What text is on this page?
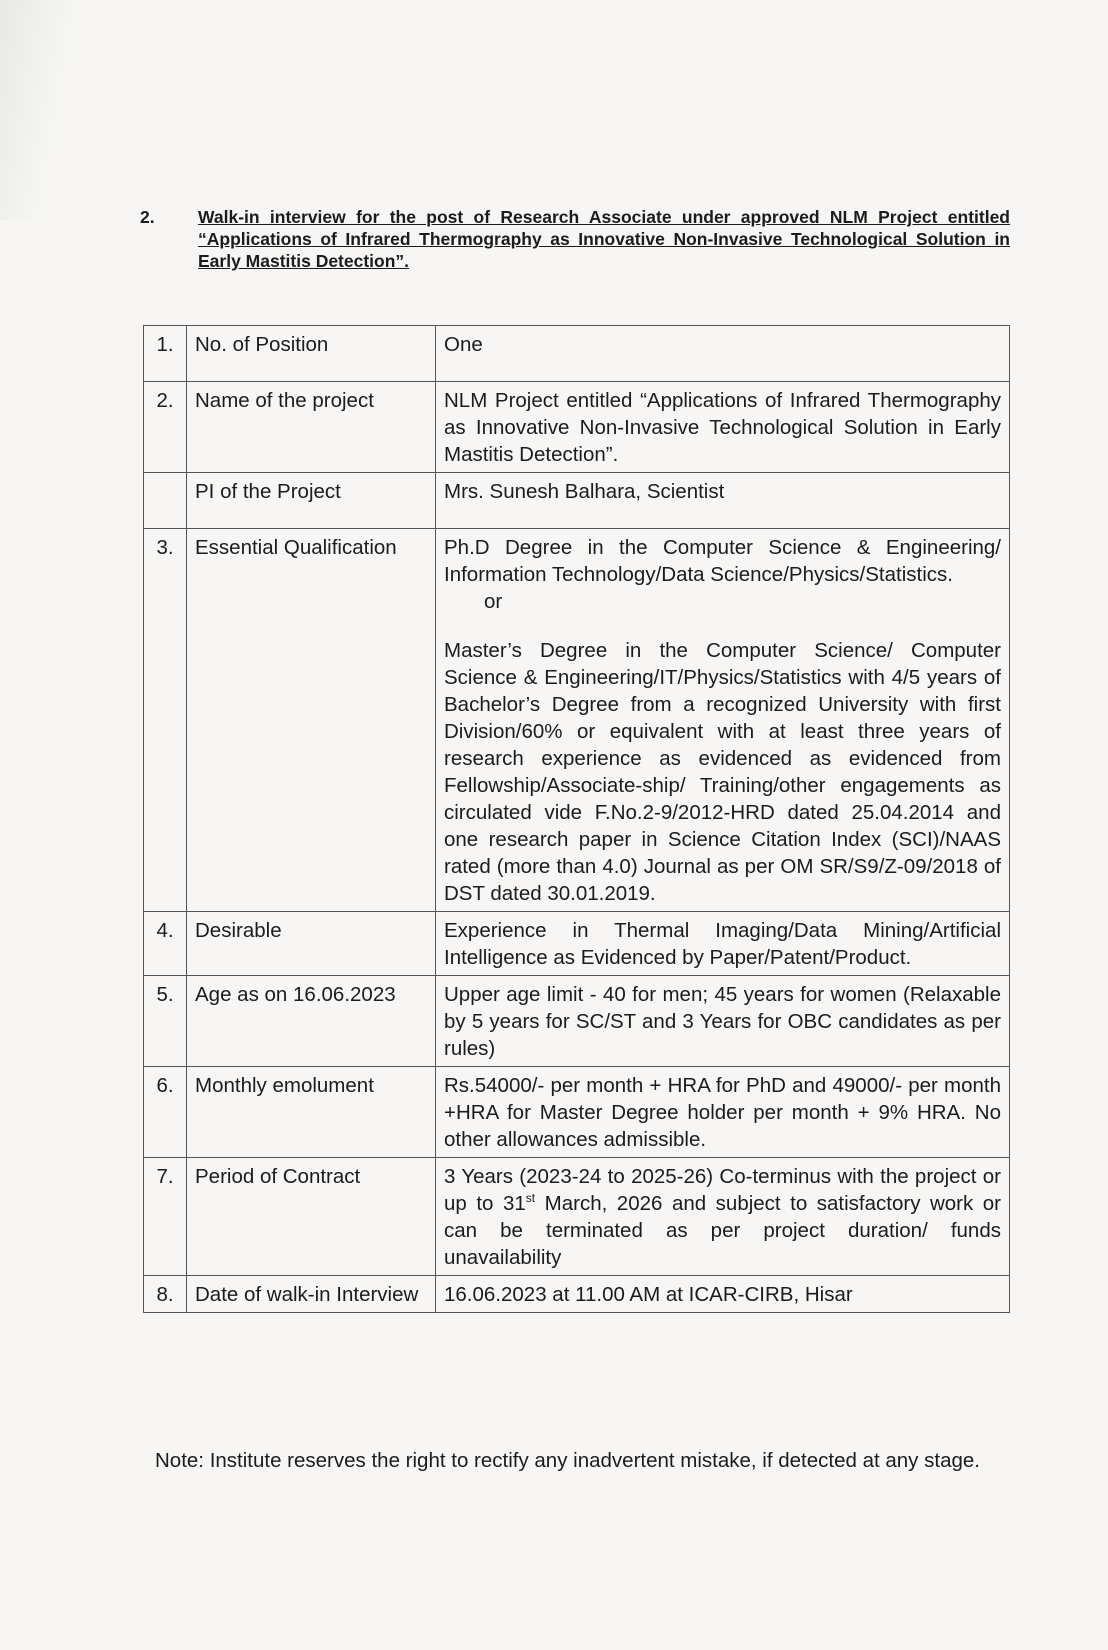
2. Walk-in interview for the post of Research Associate under approved NLM Project entitled “Applications of Infrared Thermography as Innovative Non-Invasive Technological Solution in Early Mastitis Detection”.
1.	No. of Position	One
2.	Name of the project	NLM Project entitled “Applications of Infrared Thermography as Innovative Non-Invasive Technological Solution in Early Mastitis Detection”.
	PI of the Project	Mrs. Sunesh Balhara, Scientist
3.	Essential Qualification	Ph.D Degree in the Computer Science & Engineering/ Information Technology/Data Science/Physics/Statistics.
or
Master’s Degree in the Computer Science/ Computer Science & Engineering/IT/Physics/Statistics with 4/5 years of Bachelor’s Degree from a recognized University with first Division/60% or equivalent with at least three years of research experience as evidenced as evidenced from Fellowship/Associate-ship/ Training/other engagements as circulated vide F.No.2-9/2012-HRD dated 25.04.2014 and one research paper in Science Citation Index (SCI)/NAAS rated (more than 4.0) Journal as per OM SR/S9/Z-09/2018 of DST dated 30.01.2019.

4.	Desirable	Experience in Thermal Imaging/Data Mining/Artificial Intelligence as Evidenced by Paper/Patent/Product.
5.	Age as on 16.06.2023	Upper age limit - 40 for men; 45 years for women (Relaxable by 5 years for SC/ST and 3 Years for OBC candidates as per rules)
6.	Monthly emolument	Rs.54000/- per month + HRA for PhD and 49000/- per month +HRA for Master Degree holder per month + 9% HRA. No other allowances admissible.
7.	Period of Contract	3 Years (2023-24 to 2025-26) Co-terminus with the project or up to 31st March, 2026 and subject to satisfactory work or can be terminated as per project duration/ funds unavailability
8.	Date of walk-in Interview	16.06.2023 at 11.00 AM at ICAR-CIRB, Hisar
Note: Institute reserves the right to rectify any inadvertent mistake, if detected at any stage.
